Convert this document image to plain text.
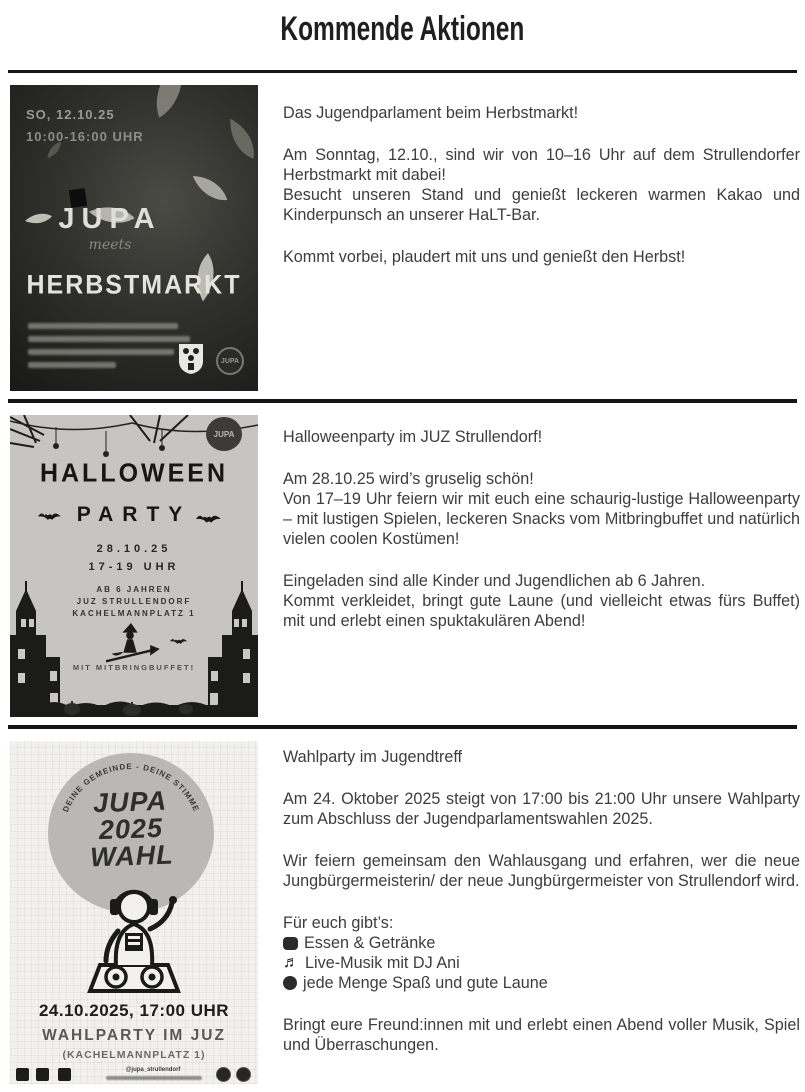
Kommende Aktionen
SO, 12.10.25
10:00-16:00 UHR
JUPA
meets
HERBSTMARKT
JUPA

Das Jugendparlament beim Herbstmarkt!

Am Sonntag, 12.10., sind wir von 10–16 Uhr auf dem Strullendorfer Herbstmarkt mit dabei!

Besucht unseren Stand und genießt leckeren warmen Kakao und Kinderpunsch an unserer HaLT-Bar.

Kommt vorbei, plaudert mit uns und genießt den Herbst!

JUPA
HALLOWEEN
PARTY
28.10.25
17-19 UHR
AB 6 JAHREN
JUZ STRULLENDORF
KACHELMANNPLATZ 1
MIT MITBRINGBUFFET!

Halloweenparty im JUZ Strullendorf!

Am 28.10.25 wird’s gruselig schön!

Von 17–19 Uhr feiern wir mit euch eine schaurig-lustige Halloweenparty – mit lustigen Spielen, leckeren Snacks vom Mitbringbuffet und natürlich vielen coolen Kostümen!

Eingeladen sind alle Kinder und Jugendlichen ab 6 Jahren.

Kommt verkleidet, bringt gute Laune (und vielleicht etwas fürs Buffet) mit und erlebt einen spuktakulären Abend!

DEINE GEMEINDE - DEINE STIMME
JUPA
2025
WAHL
24.10.2025, 17:00 UHR
WAHLPARTY IM JUZ
(KACHELMANNPLATZ 1)
@jupa_strullendorf

Wahlparty im Jugendtreff

Am 24. Oktober 2025 steigt von 17:00 bis 21:00 Uhr unsere Wahlparty zum Abschluss der Jugendparlamentswahlen 2025.

Wir feiern gemeinsam den Wahlausgang und erfahren, wer die neue Jungbürgermeisterin/ der neue Jungbürgermeister von Strullendorf wird.

Für euch gibt’s:

Essen & Getränke
♬ Live-Musik mit DJ Ani
jede Menge Spaß und gute Laune

Bringt eure Freund:innen mit und erlebt einen Abend voller Musik, Spiel und Überraschungen.
